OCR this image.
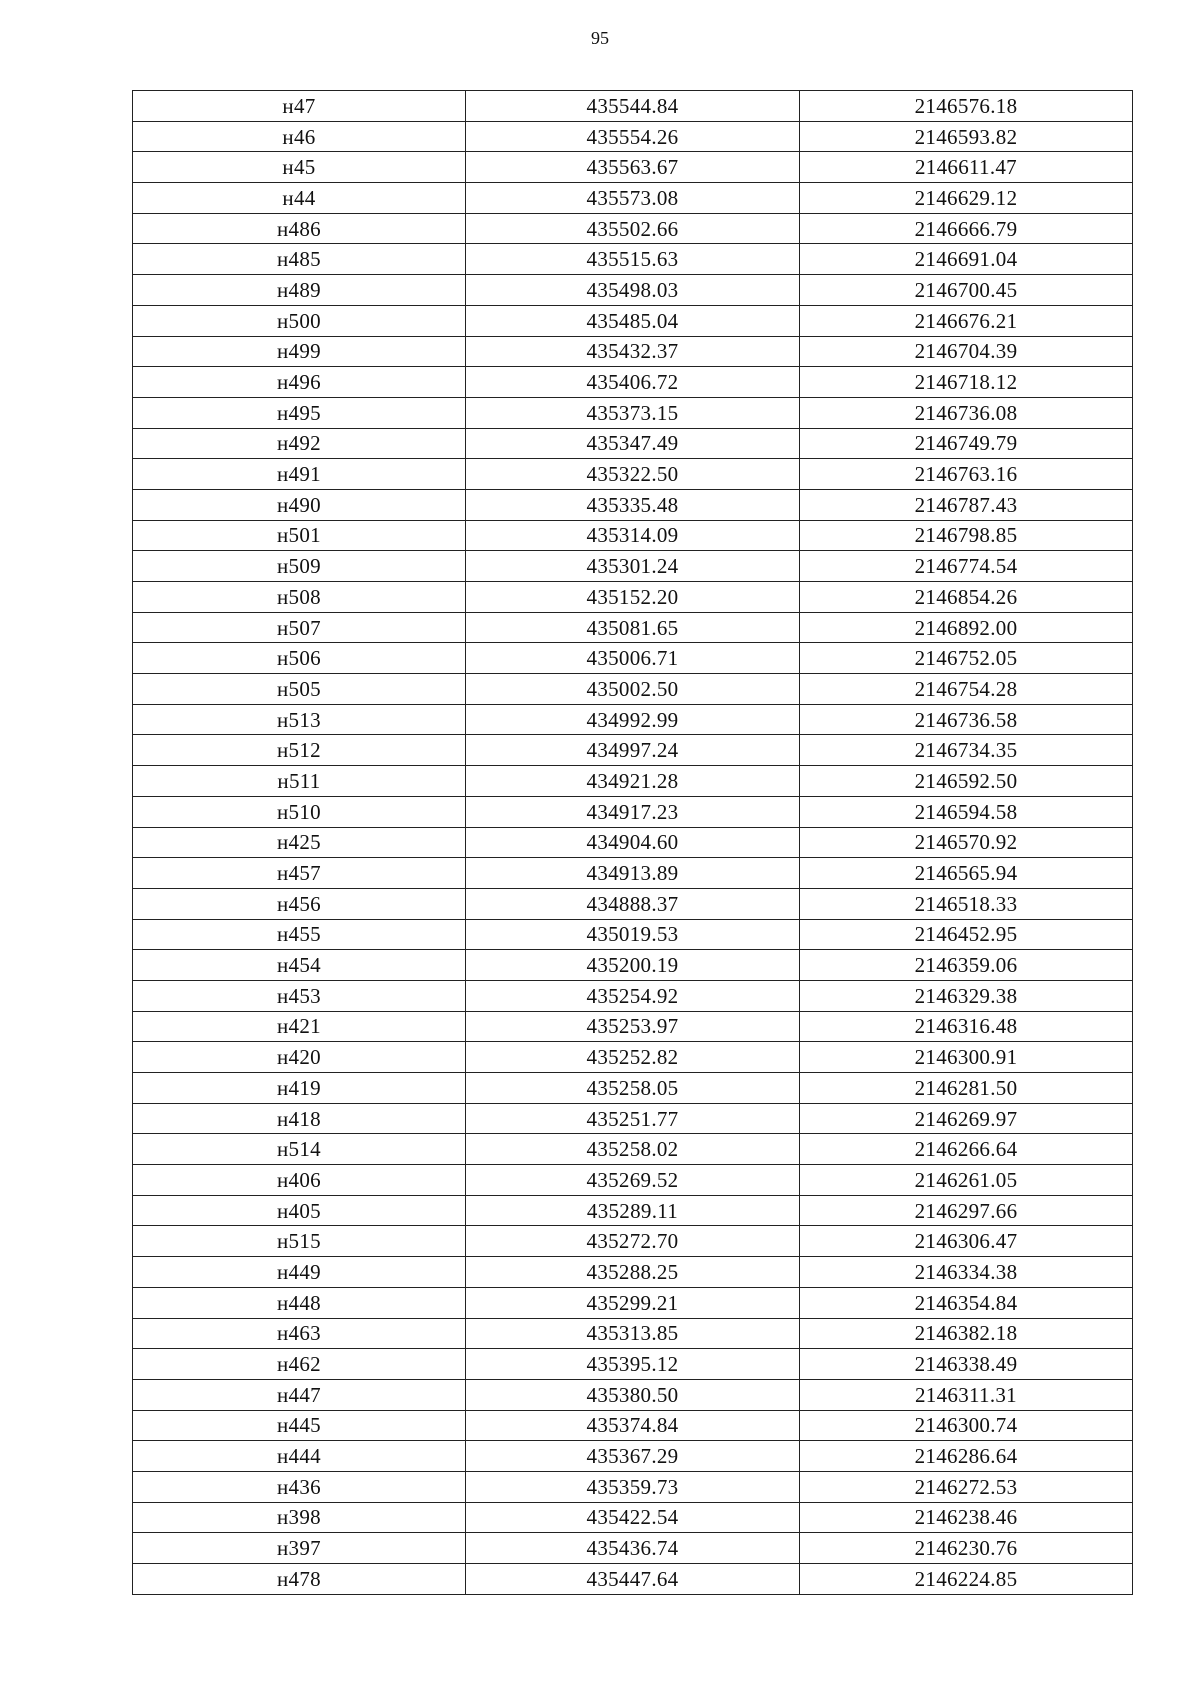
95
н47	435544.84	2146576.18
н46	435554.26	2146593.82
н45	435563.67	2146611.47
н44	435573.08	2146629.12
н486	435502.66	2146666.79
н485	435515.63	2146691.04
н489	435498.03	2146700.45
н500	435485.04	2146676.21
н499	435432.37	2146704.39
н496	435406.72	2146718.12
н495	435373.15	2146736.08
н492	435347.49	2146749.79
н491	435322.50	2146763.16
н490	435335.48	2146787.43
н501	435314.09	2146798.85
н509	435301.24	2146774.54
н508	435152.20	2146854.26
н507	435081.65	2146892.00
н506	435006.71	2146752.05
н505	435002.50	2146754.28
н513	434992.99	2146736.58
н512	434997.24	2146734.35
н511	434921.28	2146592.50
н510	434917.23	2146594.58
н425	434904.60	2146570.92
н457	434913.89	2146565.94
н456	434888.37	2146518.33
н455	435019.53	2146452.95
н454	435200.19	2146359.06
н453	435254.92	2146329.38
н421	435253.97	2146316.48
н420	435252.82	2146300.91
н419	435258.05	2146281.50
н418	435251.77	2146269.97
н514	435258.02	2146266.64
н406	435269.52	2146261.05
н405	435289.11	2146297.66
н515	435272.70	2146306.47
н449	435288.25	2146334.38
н448	435299.21	2146354.84
н463	435313.85	2146382.18
н462	435395.12	2146338.49
н447	435380.50	2146311.31
н445	435374.84	2146300.74
н444	435367.29	2146286.64
н436	435359.73	2146272.53
н398	435422.54	2146238.46
н397	435436.74	2146230.76
н478	435447.64	2146224.85
